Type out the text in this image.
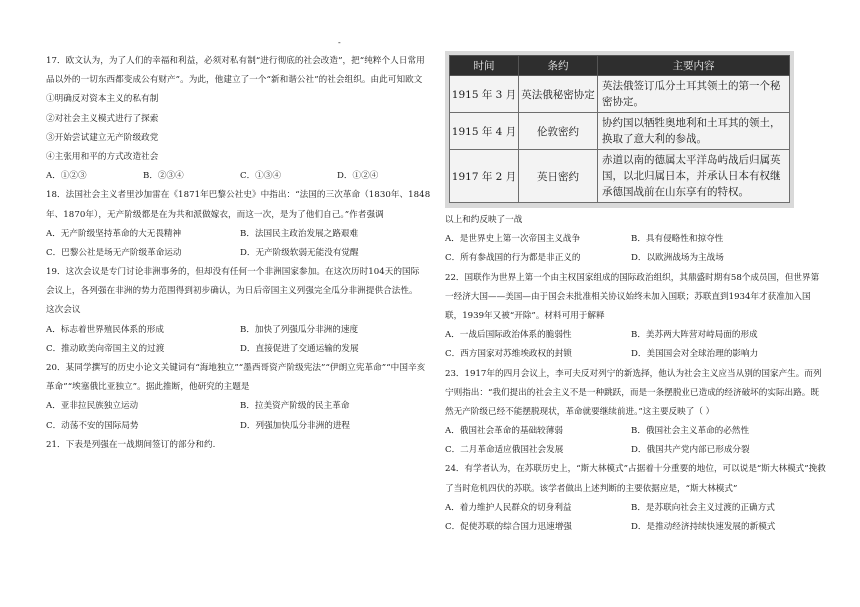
-
17．欧文认为，为了人们的幸福和利益，必须对私有制“进行彻底的社会改造”，把“纯粹个人日常用
品以外的一切东西都变成公有财产”。为此，他建立了一个“新和谐公社”的社会组织。由此可知欧文
①明确反对资本主义的私有制
②对社会主义模式进行了探索
③开始尝试建立无产阶级政党
④主张用和平的方式改造社会
A．①②③	B．②③④	C．①③④	D．①②④
18．法国社会主义者里沙加雷在《1871年巴黎公社史》中指出：“法国的三次革命（1830年、1848
年、1870年），无产阶级都是在为共和派做嫁衣，而这一次，是为了他们自己。”作者强调
A．无产阶级坚持革命的大无畏精神	B．法国民主政治发展之路艰难
C．巴黎公社是场无产阶级革命运动	D．无产阶级软弱无能没有觉醒
19．这次会议是专门讨论非洲事务的，但却没有任何一个非洲国家参加。在这次历时104天的国际
会议上，各列强在非洲的势力范围得到初步确认，为日后帝国主义列强完全瓜分非洲提供合法性。
这次会议
A．标志着世界殖民体系的形成	B．加快了列强瓜分非洲的速度
C．推动欧美向帝国主义的过渡	D．直接促进了交通运输的发展
20．某同学撰写的历史小论文关键词有“海地独立”“墨西哥资产阶级宪法”“伊朗立宪革命”“中国辛亥
革命”“埃塞俄比亚独立”。据此推断，他研究的主题是
A．亚非拉民族独立运动	B．拉美资产阶级的民主革命
C．动荡不安的国际局势	D．列强加快瓜分非洲的进程
21．下表是列强在一战期间签订的部分和约.
时间	条约	主要内容
1915 年 3 月	英法俄秘密协定	英法俄签订瓜分土耳其领土的第一个秘密协定。
1915 年 4 月	伦敦密约	协约国以牺牲奥地利和土耳其的领土，换取了意大利的参战。
1917 年 2 月	英日密约	赤道以南的德属太平洋岛屿战后归属英国，以北归属日本，并承认日本有权继承德国战前在山东享有的特权。
以上和约反映了一战
A．是世界史上第一次帝国主义战争	B．具有侵略性和掠夺性
C．所有参战国的行为都是非正义的	D．以欧洲战场为主战场
22．国联作为世界上第一个由主权国家组成的国际政治组织，其鼎盛时期有58个成员国，但世界第
一经济大国——美国—由于国会未批准相关协议始终未加入国联；苏联直到1934年才获准加入国
联，1939年又被“开除”。材料可用于解释
A．一战后国际政治体系的脆弱性	B．美苏两大阵营对峙局面的形成
C．西方国家对苏维埃政权的封锁	D．美国国会对全球治理的影响力
23．1917年的四月会议上，李可夫反对列宁的新选择，他认为社会主义应当从别的国家产生。而列
宁则指出：“我们提出的社会主义不是一种跳跃，而是一条摆脱业已造成的经济破坏的实际出路。既
然无产阶级已经不能摆脱现状，革命就要继续前进。”这主要反映了（ ）
A．俄国社会革命的基础较薄弱	B．俄国社会主义革命的必然性
C．二月革命适应俄国社会发展	D．俄国共产党内部已形成分裂
24．有学者认为，在苏联历史上，“斯大林模式”占据着十分重要的地位，可以说是“斯大林模式”挽救
了当时危机四伏的苏联。该学者做出上述判断的主要依据应是，“斯大林模式”
A．着力维护人民群众的切身利益	B．是苏联向社会主义过渡的正确方式
C．促使苏联的综合国力迅速增强	D．是推动经济持续快速发展的新模式
